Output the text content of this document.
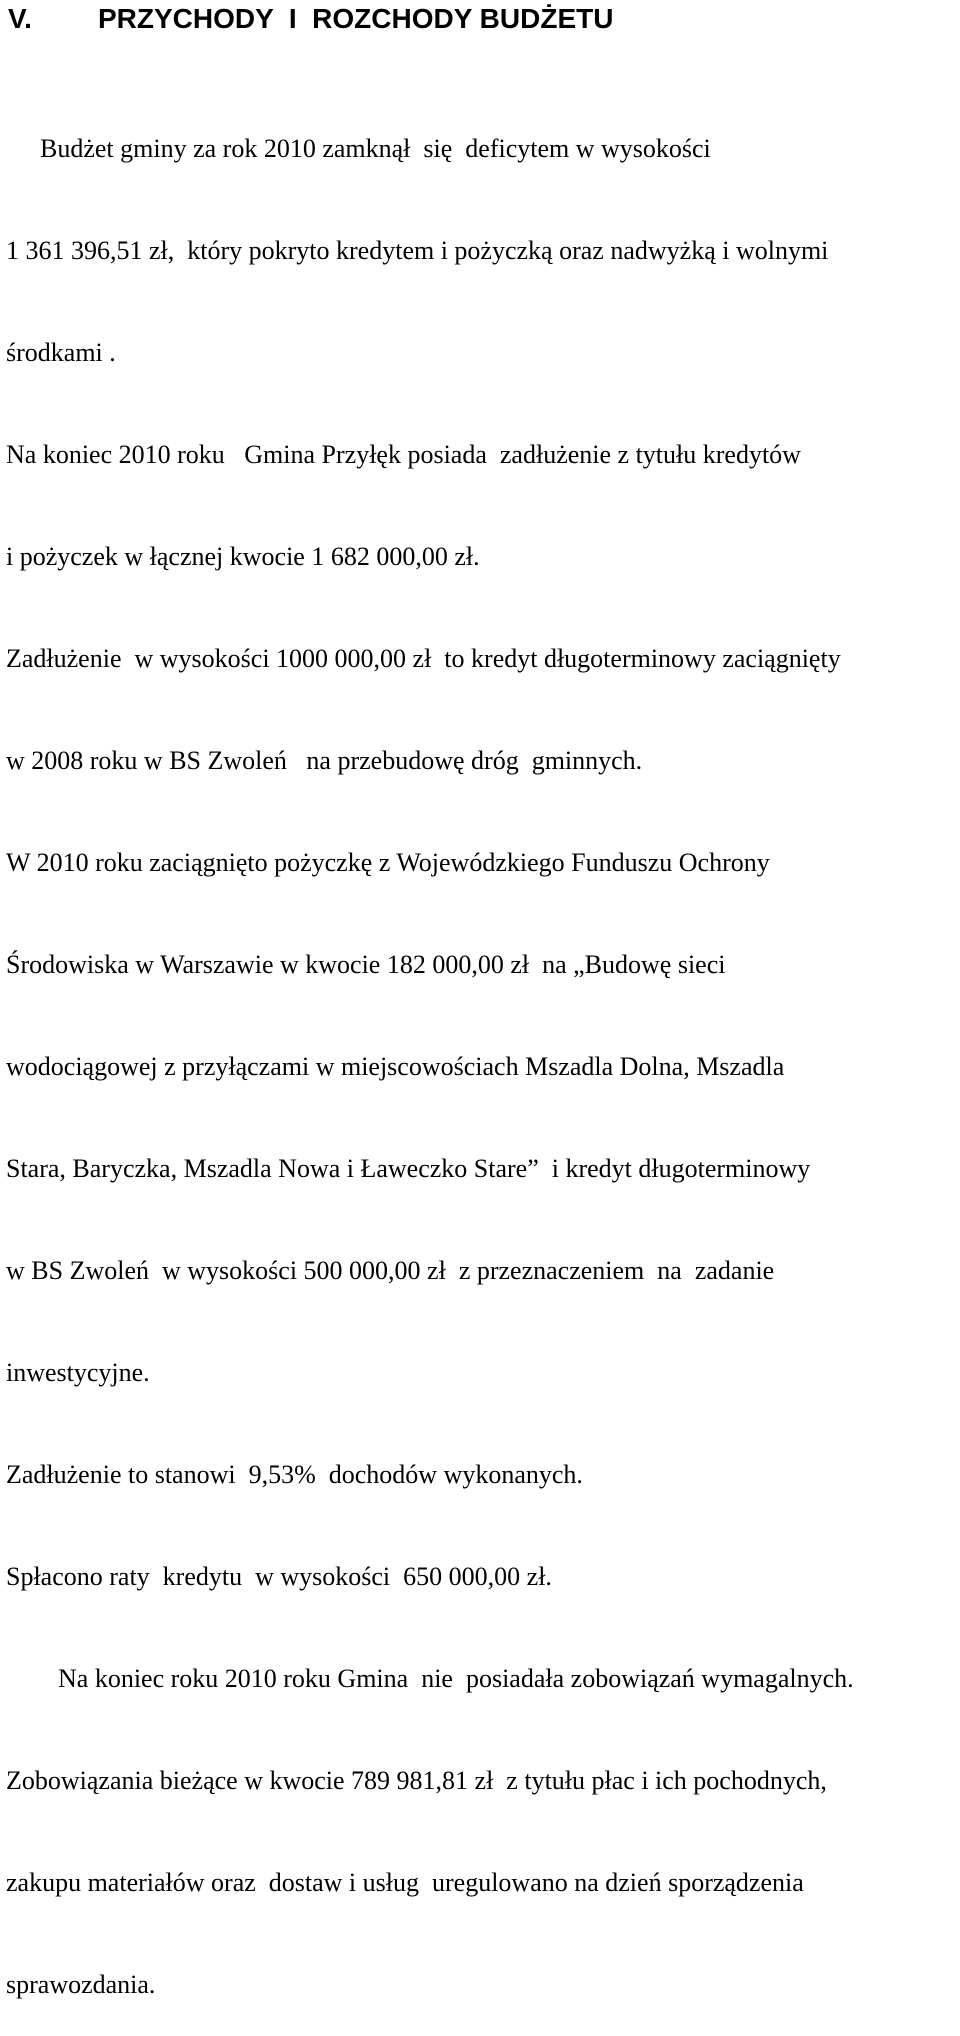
V. PRZYCHODY  I  ROZCHODY BUDŻETU

Budżet gminy za rok 2010 zamknął  się  deficytem w wysokości

1 361 396,51 zł,  który pokryto kredytem i pożyczką oraz nadwyżką i wolnymi

środkami .

Na koniec 2010 roku   Gmina Przyłęk posiada  zadłużenie z tytułu kredytów

i pożyczek w łącznej kwocie 1 682 000,00 zł.

Zadłużenie  w wysokości 1000 000,00 zł  to kredyt długoterminowy zaciągnięty

w 2008 roku w BS Zwoleń   na przebudowę dróg  gminnych.

W 2010 roku zaciągnięto pożyczkę z Wojewódzkiego Funduszu Ochrony

Środowiska w Warszawie w kwocie 182 000,00 zł  na „Budowę sieci

wodociągowej z przyłączami w miejscowościach Mszadla Dolna, Mszadla

Stara, Baryczka, Mszadla Nowa i Ławeczko Stare”  i kredyt długoterminowy

w BS Zwoleń  w wysokości 500 000,00 zł  z przeznaczeniem  na  zadanie

inwestycyjne.

Zadłużenie to stanowi  9,53%  dochodów wykonanych.

Spłacono raty  kredytu  w wysokości  650 000,00 zł.

Na koniec roku 2010 roku Gmina  nie  posiadała zobowiązań wymagalnych.

Zobowiązania bieżące w kwocie 789 981,81 zł  z tytułu płac i ich pochodnych,

zakupu materiałów oraz  dostaw i usług  uregulowano na dzień sporządzenia

sprawozdania.
